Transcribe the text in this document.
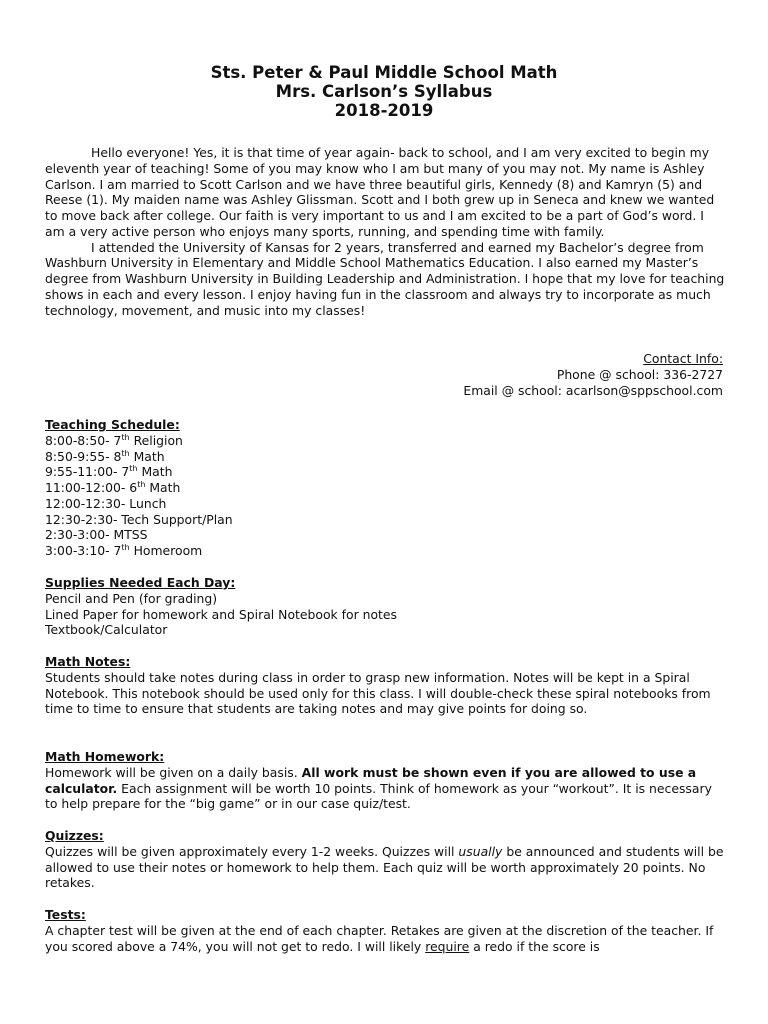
Sts. Peter & Paul Middle School Math
Mrs. Carlson’s Syllabus
2018-2019

Hello everyone! Yes, it is that time of year again- back to school, and I am very excited to begin my eleventh year of teaching! Some of you may know who I am but many of you may not. My name is Ashley Carlson. I am married to Scott Carlson and we have three beautiful girls, Kennedy (8) and Kamryn (5) and Reese (1). My maiden name was Ashley Glissman. Scott and I both grew up in Seneca and knew we wanted to move back after college. Our faith is very important to us and I am excited to be a part of God’s word. I am a very active person who enjoys many sports, running, and spending time with family.

I attended the University of Kansas for 2 years, transferred and earned my Bachelor’s degree from Washburn University in Elementary and Middle School Mathematics Education. I also earned my Master’s degree from Washburn University in Building Leadership and Administration. I hope that my love for teaching shows in each and every lesson. I enjoy having fun in the classroom and always try to incorporate as much technology, movement, and music into my classes!

Contact Info:
Phone @ school: 336-2727
Email @ school: acarlson@sppschool.com
Teaching Schedule:
8:00-8:50- 7th Religion
8:50-9:55- 8th Math
9:55-11:00- 7th Math
11:00-12:00- 6th Math
12:00-12:30- Lunch
12:30-2:30- Tech Support/Plan
2:30-3:00- MTSS
3:00-3:10- 7th Homeroom
Supplies Needed Each Day:
Pencil and Pen (for grading)
Lined Paper for homework and Spiral Notebook for notes
Textbook/Calculator
Math Notes:
Students should take notes during class in order to grasp new information. Notes will be kept in a Spiral Notebook. This notebook should be used only for this class. I will double-check these spiral notebooks from time to time to ensure that students are taking notes and may give points for doing so.
Math Homework:
Homework will be given on a daily basis. All work must be shown even if you are allowed to use a calculator. Each assignment will be worth 10 points. Think of homework as your “workout”. It is necessary to help prepare for the “big game” or in our case quiz/test.
Quizzes:
Quizzes will be given approximately every 1-2 weeks. Quizzes will usually be announced and students will be allowed to use their notes or homework to help them. Each quiz will be worth approximately 20 points. No retakes.
Tests:
A chapter test will be given at the end of each chapter. Retakes are given at the discretion of the teacher. If you scored above a 74%, you will not get to redo. I will likely require a redo if the score is
